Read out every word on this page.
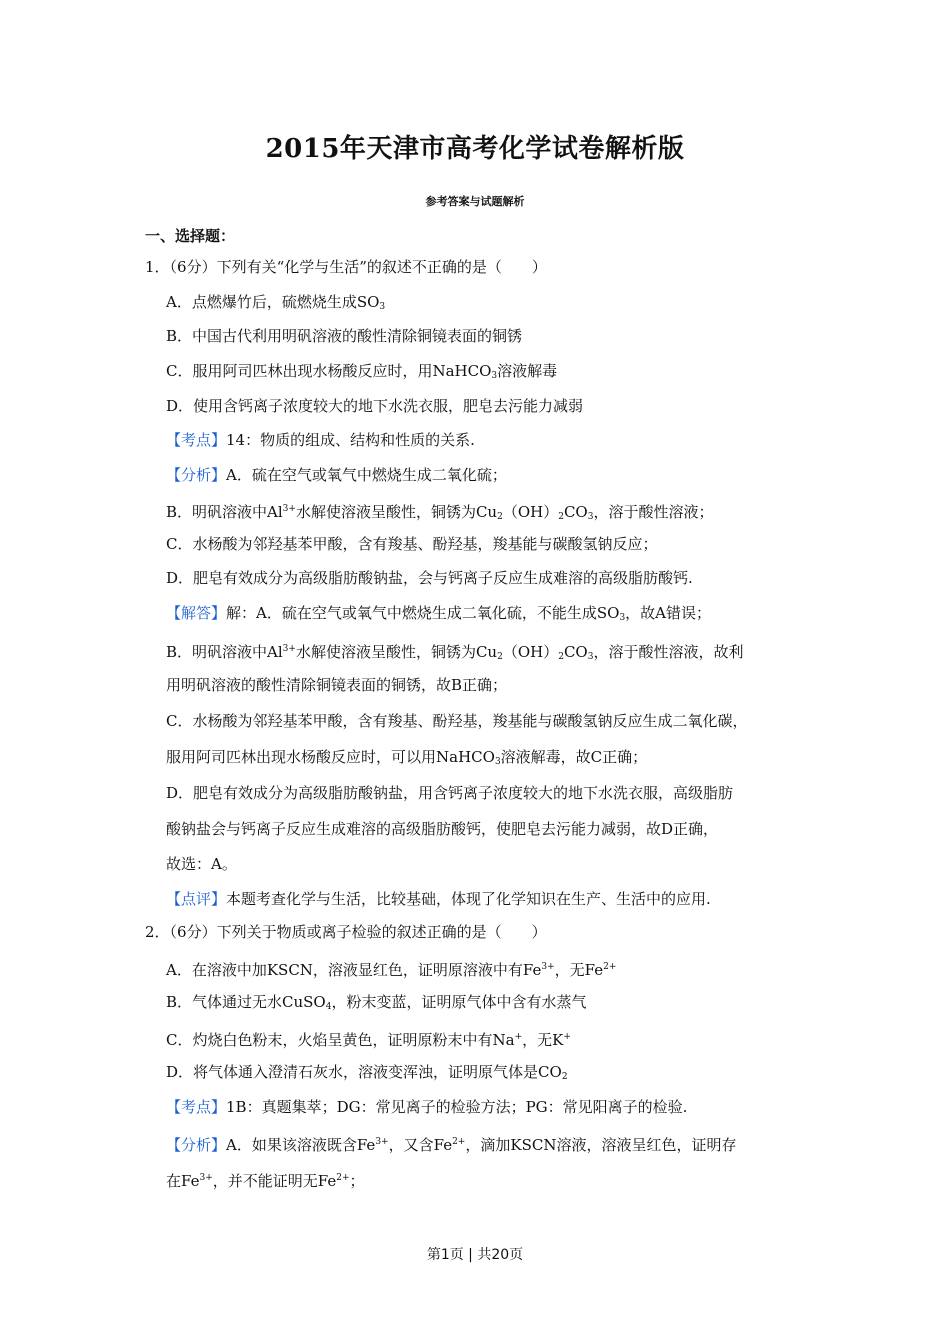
2015年天津市高考化学试卷解析版
参考答案与试题解析
一、选择题：
1．（6分）下列有关“化学与生活”的叙述不正确的是（　　）
A．点燃爆竹后，硫燃烧生成$SO_3$
B．中国古代利用明矾溶液的酸性清除铜镜表面的铜锈
C．服用阿司匹林出现水杨酸反应时，用NaHCO$_3$溶液解毒
D．使用含钙离子浓度较大的地下水洗衣服，肥皂去污能力减弱
【考点】14：物质的组成、结构和性质的关系.
【分析】A．硫在空气或氧气中燃烧生成二氧化硫；
B．明矾溶液中$Al^{3+}$水解使溶液呈酸性，铜锈为$Cu_2(OH)_2CO_3$，溶于酸性溶液；
C．水杨酸为邻羟基苯甲酸，含有羧基、酚羟基，羧基能与碳酸氢钠反应；
D．肥皂有效成分为高级脂肪酸钠盐，会与钙离子反应生成难溶的高级脂肪酸钙.
【解答】解：A．硫在空气或氧气中燃烧生成二氧化硫，不能生成$SO_3$，故A错误；
B．明矾溶液中$Al^{3+}$水解使溶液呈酸性，铜锈为$Cu_2(OH)_2CO_3$，溶于酸性溶液，故利
用明矾溶液的酸性清除铜镜表面的铜锈，故B正确；
C．水杨酸为邻羟基苯甲酸，含有羧基、酚羟基，羧基能与碳酸氢钠反应生成二氧化碳，
服用阿司匹林出现水杨酸反应时，可以用NaHCO$_3$溶液解毒，故C正确；
D．肥皂有效成分为高级脂肪酸钠盐，用含钙离子浓度较大的地下水洗衣服，高级脂肪
酸钠盐会与钙离子反应生成难溶的高级脂肪酸钙，使肥皂去污能力减弱，故D正确，
故选：A。
【点评】本题考查化学与生活，比较基础，体现了化学知识在生产、生活中的应用.
2．（6分）下列关于物质或离子检验的叙述正确的是（　　）
A．在溶液中加KSCN，溶液显红色，证明原溶液中有$Fe^{3+}$，无$Fe^{2+}$
B．气体通过无水CuSO$_4$，粉末变蓝，证明原气体中含有水蒸气
C．灼烧白色粉末，火焰呈黄色，证明原粉末中有Na+，无K+
D．将气体通入澄清石灰水，溶液变浑浊，证明原气体是$CO_2$
【考点】1B：真题集萃；DG：常见离子的检验方法；PG：常见阳离子的检验.
【分析】A．如果该溶液既含$Fe^{3+}$，又含$Fe^{2+}$，滴加KSCN溶液，溶液呈红色，证明存
在$Fe^{3+}$，并不能证明无$Fe^{2+}$；
第1页 | 共20页
